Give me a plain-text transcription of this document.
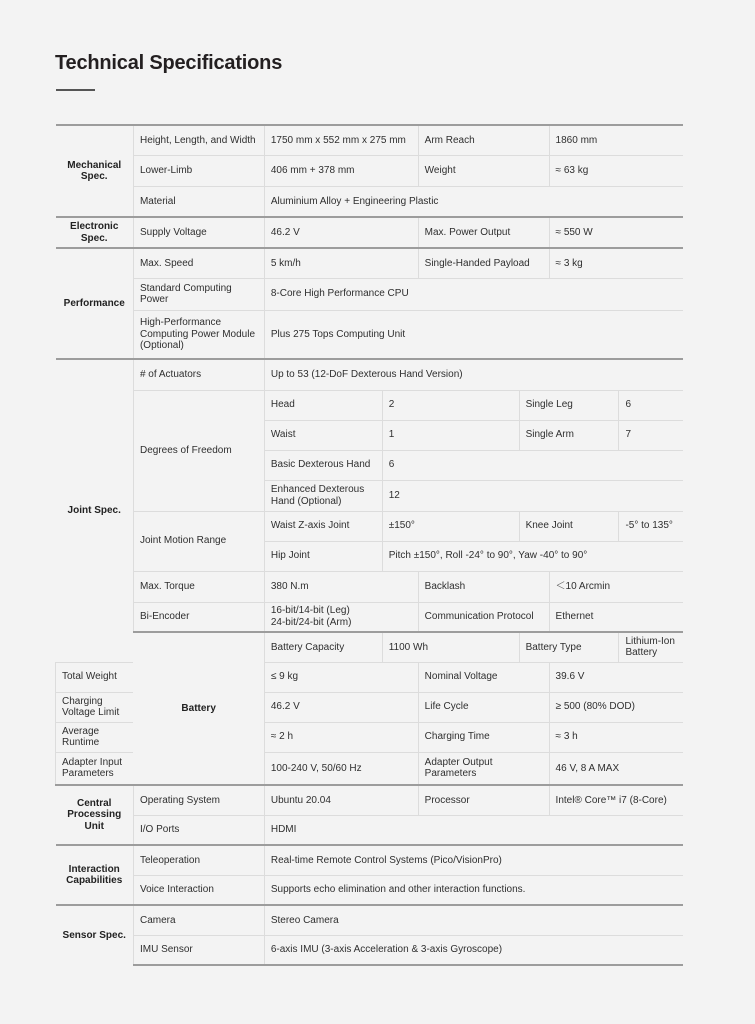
Technical Specifications
Mechanical Spec.	Height, Length, and Width	1750 mm x 552 mm x 275 mm		Arm Reach		1860 mm	
	Lower-Limb	406 mm + 378 mm		Weight		≈ 63 kg	
	Material	Aluminium Alloy + Engineering Plastic					
Electronic Spec.	Supply Voltage	46.2 V		Max. Power Output		≈ 550 W	
Performance	Max. Speed	5 km/h		Single-Handed Payload		≈ 3 kg	
	Standard Computing Power	8-Core High Performance CPU					
	High-Performance Computing Power Module (Optional)	Plus 275 Tops Computing Unit					
Joint Spec.	# of Actuators	Up to 53 (12-DoF Dexterous Hand Version)					
	Degrees of Freedom	Head	2		Single Leg		6
		Waist	1		Single Arm		7
		Basic Dexterous Hand	6				
		Enhanced Dexterous Hand (Optional)	12				
	Joint Motion Range	Waist Z-axis Joint	±150°		Knee Joint		-5° to 135°
		Hip Joint	Pitch ±150°, Roll -24° to 90°, Yaw -40° to 90°				
	Max. Torque	380 N.m		Backlash		＜10 Arcmin	
	Bi-Encoder	16-bit/14-bit (Leg)
24-bit/24-bit (Arm)		Communication Protocol		Ethernet	
	Battery	Battery Capacity	1100 Wh		Battery Type		Lithium-Ion Battery
Total Weight		≤ 9 kg		Nominal Voltage		39.6 V	
Charging Voltage Limit		46.2 V		Life Cycle		≥ 500 (80% DOD)	
Average Runtime		≈ 2 h		Charging Time		≈ 3 h	
Adapter Input Parameters		100-240 V, 50/60 Hz		Adapter Output Parameters		46 V, 8 A MAX	
Central Processing Unit	Operating System	Ubuntu 20.04		Processor		Intel® Core™ i7 (8-Core)	
	I/O Ports	HDMI					
Interaction Capabilities	Teleoperation	Real-time Remote Control Systems (Pico/VisionPro)					
	Voice Interaction	Supports echo elimination and other interaction functions.					
Sensor Spec.	Camera	Stereo Camera					
	IMU Sensor	6-axis IMU (3-axis Acceleration & 3-axis Gyroscope)					
